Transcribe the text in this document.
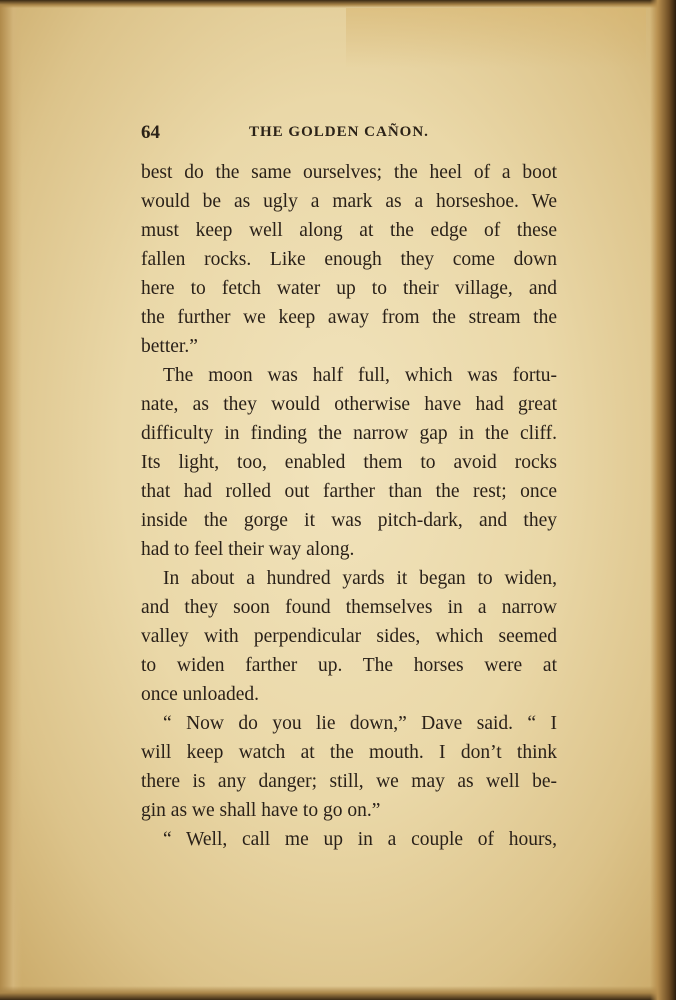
64	THE GOLDEN CAÑON.
best do the same ourselves; the heel of a boot
would be as ugly a mark as a horseshoe. We
must keep well along at the edge of these
fallen rocks. Like enough they come down
here to fetch water up to their village, and
the further we keep away from the stream the
better.”
The moon was half full, which was fortu-
nate, as they would otherwise have had great
difficulty in finding the narrow gap in the cliff.
Its light, too, enabled them to avoid rocks
that had rolled out farther than the rest; once
inside the gorge it was pitch-dark, and they
had to feel their way along.
In about a hundred yards it began to widen,
and they soon found themselves in a narrow
valley with perpendicular sides, which seemed
to widen farther up. The horses were at
once unloaded.
“ Now do you lie down,” Dave said. “ I
will keep watch at the mouth. I don’t think
there is any danger; still, we may as well be-
gin as we shall have to go on.”
“ Well, call me up in a couple of hours,
